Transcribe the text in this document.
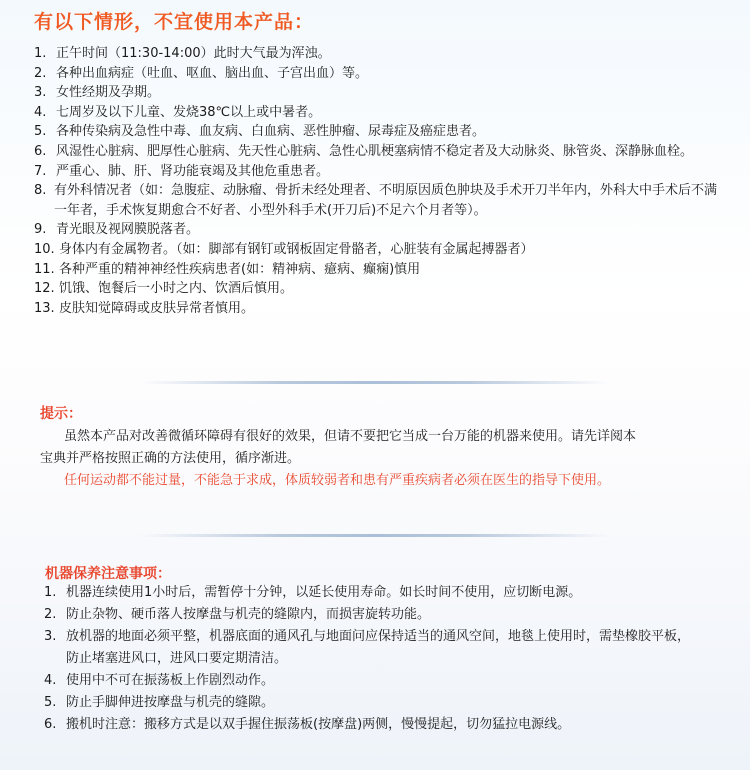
有以下情形，不宜使用本产品：
1. 正午时间（11:30-14:00）此时大气最为浑浊。
2. 各种出血病症（吐血、呕血、脑出血、子宫出血）等。
3. 女性经期及孕期。
4. 七周岁及以下儿童、发烧38℃以上或中暑者。
5. 各种传染病及急性中毒、血友病、白血病、恶性肿瘤、尿毒症及癌症患者。
6. 风湿性心脏病、肥厚性心脏病、先天性心脏病、急性心肌梗塞病情不稳定者及大动脉炎、脉管炎、深静脉血栓。
7. 严重心、肺、肝、肾功能衰竭及其他危重患者。
8. 有外科情况者（如：急腹症、动脉瘤、骨折未经处理者、不明原因质色肿块及手术开刀半年内，外科大中手术后不满一年者，手术恢复期愈合不好者、小型外科手术(开刀后)不足六个月者等）。
9. 青光眼及视网膜脱落者。
10. 身体内有金属物者。（如：脚部有钢钉或钢板固定骨骼者，心脏装有金属起搏器者）
11. 各种严重的精神神经性疾病患者(如：精神病、癔病、癫痫)慎用
12. 饥饿、饱餐后一小时之内、饮酒后慎用。
13. 皮肤知觉障碍或皮肤异常者慎用。
提示：

虽然本产品对改善微循环障碍有很好的效果，但请不要把它当成一台万能的机器来使用。请先详阅本宝典并严格按照正确的方法使用，循序渐进。

任何运动都不能过量，不能急于求成，体质较弱者和患有严重疾病者必须在医生的指导下使用。

机器保养注意事项：
1. 机器连续使用1小时后，需暂停十分钟，以延长使用寿命。如长时间不使用，应切断电源。
2. 防止杂物、硬币落人按摩盘与机壳的缝隙内，而损害旋转功能。
3. 放机器的地面必须平整，机器底面的通风孔与地面问应保持适当的通风空间，地毯上使用时，需垫橡胶平板，防止堵塞进风口，进风口要定期清洁。
4. 使用中不可在振荡板上作剧烈动作。
5. 防止手脚伸进按摩盘与机壳的缝隙。
6. 搬机时注意：搬移方式是以双手握住振荡板(按摩盘)两侧，慢慢提起，切勿猛拉电源线。
